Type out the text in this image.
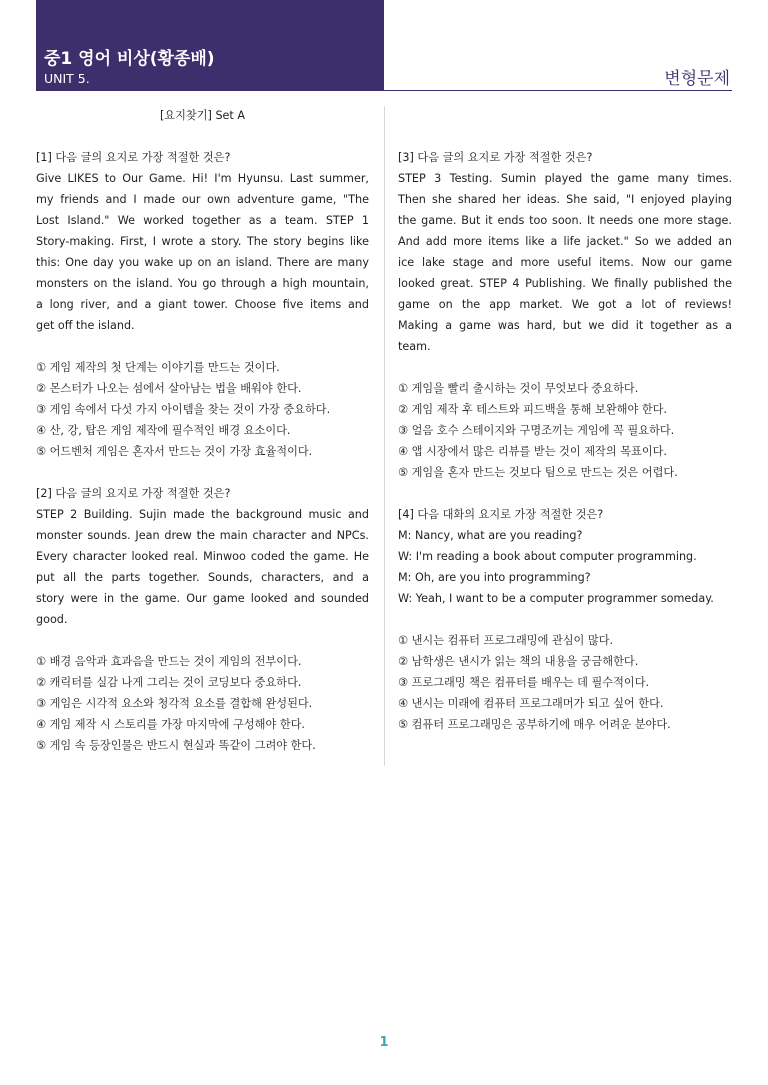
중1 영어 비상(황종배)
UNIT 5.	변형문제

[요지찾기] Set A

[1] 다음 글의 요지로 가장 적절한 것은?

Give LIKES to Our Game. Hi! I'm Hyunsu. Last summer,
my friends and I made our own adventure game, "The
Lost Island." We worked together as a team. STEP 1
Story-making. First, I wrote a story. The story begins like
this: One day you wake up on an island. There are many
monsters on the island. You go through a high mountain,
a long river, and a giant tower. Choose five items and
get off the island.
① 게임 제작의 첫 단계는 이야기를 만드는 것이다.
② 몬스터가 나오는 섬에서 살아남는 법을 배워야 한다.
③ 게임 속에서 다섯 가지 아이템을 찾는 것이 가장 중요하다.
④ 산, 강, 탑은 게임 제작에 필수적인 배경 요소이다.
⑤ 어드벤처 게임은 혼자서 만드는 것이 가장 효율적이다.

[2] 다음 글의 요지로 가장 적절한 것은?

STEP 2 Building. Sujin made the background music and
monster sounds. Jean drew the main character and NPCs.
Every character looked real. Minwoo coded the game. He
put all the parts together. Sounds, characters, and a
story were in the game. Our game looked and sounded
good.
① 배경 음악과 효과음을 만드는 것이 게임의 전부이다.
② 캐릭터를 실감 나게 그리는 것이 코딩보다 중요하다.
③ 게임은 시각적 요소와 청각적 요소를 결합해 완성된다.
④ 게임 제작 시 스토리를 가장 마지막에 구성해야 한다.
⑤ 게임 속 등장인물은 반드시 현실과 똑같이 그려야 한다.

[3] 다음 글의 요지로 가장 적절한 것은?

STEP 3 Testing. Sumin played the game many times.
Then she shared her ideas. She said, "I enjoyed playing
the game. But it ends too soon. It needs one more stage.
And add more items like a life jacket." So we added an
ice lake stage and more useful items. Now our game
looked great. STEP 4 Publishing. We finally published the
game on the app market. We got a lot of reviews!
Making a game was hard, but we did it together as a
team.
① 게임을 빨리 출시하는 것이 무엇보다 중요하다.
② 게임 제작 후 테스트와 피드백을 통해 보완해야 한다.
③ 얼음 호수 스테이지와 구명조끼는 게임에 꼭 필요하다.
④ 앱 시장에서 많은 리뷰를 받는 것이 제작의 목표이다.
⑤ 게임을 혼자 만드는 것보다 팀으로 만드는 것은 어렵다.

[4] 다음 대화의 요지로 가장 적절한 것은?

M: Nancy, what are you reading?

W: I'm reading a book about computer programming.

M: Oh, are you into programming?

W: Yeah, I want to be a computer programmer someday.

① 낸시는 컴퓨터 프로그래밍에 관심이 많다.
② 남학생은 낸시가 읽는 책의 내용을 궁금해한다.
③ 프로그래밍 책은 컴퓨터를 배우는 데 필수적이다.
④ 낸시는 미래에 컴퓨터 프로그래머가 되고 싶어 한다.
⑤ 컴퓨터 프로그래밍은 공부하기에 매우 어려운 분야다.
1
